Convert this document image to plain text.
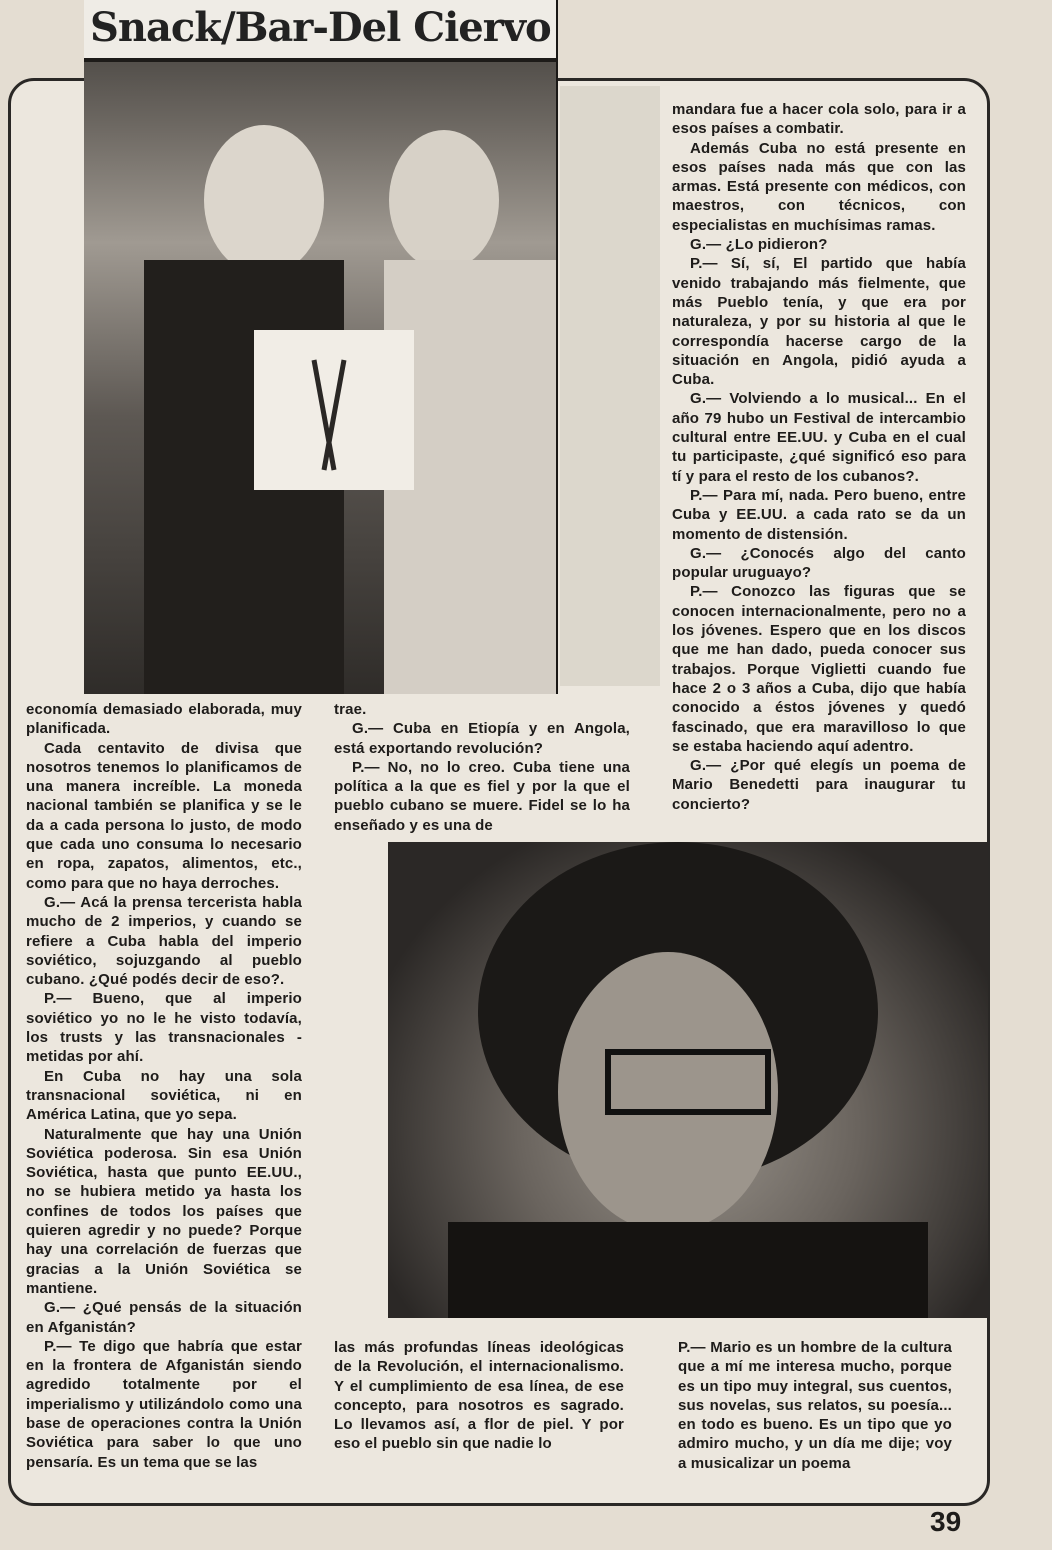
Snack/Bar-Del Ciervo

economía demasiado elaborada, muy planificada.

Cada centavito de divisa que nosotros tenemos lo planificamos de una manera increíble. La moneda nacional también se planifica y se le da a cada persona lo justo, de modo que cada uno consuma lo necesario en ropa, zapatos, alimentos, etc., como para que no haya derroches.

G.— Acá la prensa tercerista habla mucho de 2 imperios, y cuando se refiere a Cuba habla del imperio soviético, sojuzgando al pueblo cubano. ¿Qué podés decir de eso?.

P.— Bueno, que al imperio soviético yo no le he visto todavía, los trusts y las transnacionales - metidas por ahí.

En Cuba no hay una sola transnacional soviética, ni en América Latina, que yo sepa.

Naturalmente que hay una Unión Soviética poderosa. Sin esa Unión Soviética, hasta que punto EE.UU., no se hubiera metido ya hasta los confines de todos los países que quieren agredir y no puede? Porque hay una correlación de fuerzas que gracias a la Unión Soviética se mantiene.

G.— ¿Qué pensás de la situación en Afganistán?

P.— Te digo que habría que estar en la frontera de Afganistán siendo agredido totalmente por el imperialismo y utilizándolo como una base de operaciones contra la Unión Soviética para saber lo que uno pensaría. Es un tema que se las

trae.

G.— Cuba en Etiopía y en Angola, está exportando revolución?

P.— No, no lo creo. Cuba tiene una política a la que es fiel y por la que el pueblo cubano se muere. Fidel se lo ha enseñado y es una de

las más profundas líneas ideológicas de la Revolución, el internacionalismo. Y el cumplimiento de esa línea, de ese concepto, para nosotros es sagrado. Lo llevamos así, a flor de piel. Y por eso el pueblo sin que nadie lo

mandara fue a hacer cola solo, para ir a esos países a combatir.

Además Cuba no está presente en esos países nada más que con las armas. Está presente con médicos, con maestros, con técnicos, con especialistas en muchísimas ramas.

G.— ¿Lo pidieron?

P.— Sí, sí, El partido que había venido trabajando más fielmente, que más Pueblo tenía, y que era por naturaleza, y por su historia al que le correspondía hacerse cargo de la situación en Angola, pidió ayuda a Cuba.

G.— Volviendo a lo musical... En el año 79 hubo un Festival de intercambio cultural entre EE.UU. y Cuba en el cual tu participaste, ¿qué significó eso para tí y para el resto de los cubanos?.

P.— Para mí, nada. Pero bueno, entre Cuba y EE.UU. a cada rato se da un momento de distensión.

G.— ¿Conocés algo del canto popular uruguayo?

P.— Conozco las figuras que se conocen internacionalmente, pero no a los jóvenes. Espero que en los discos que me han dado, pueda conocer sus trabajos. Porque Viglietti cuando fue hace 2 o 3 años a Cuba, dijo que había conocido a éstos jóvenes y quedó fascinado, que era maravilloso lo que se estaba haciendo aquí adentro.

G.— ¿Por qué elegís un poema de Mario Benedetti para inaugurar tu concierto?

P.— Mario es un hombre de la cultura que a mí me interesa mucho, porque es un tipo muy integral, sus cuentos, sus novelas, sus relatos, su poesía... en todo es bueno. Es un tipo que yo admiro mucho, y un día me dije; voy a musicalizar un poema

39
